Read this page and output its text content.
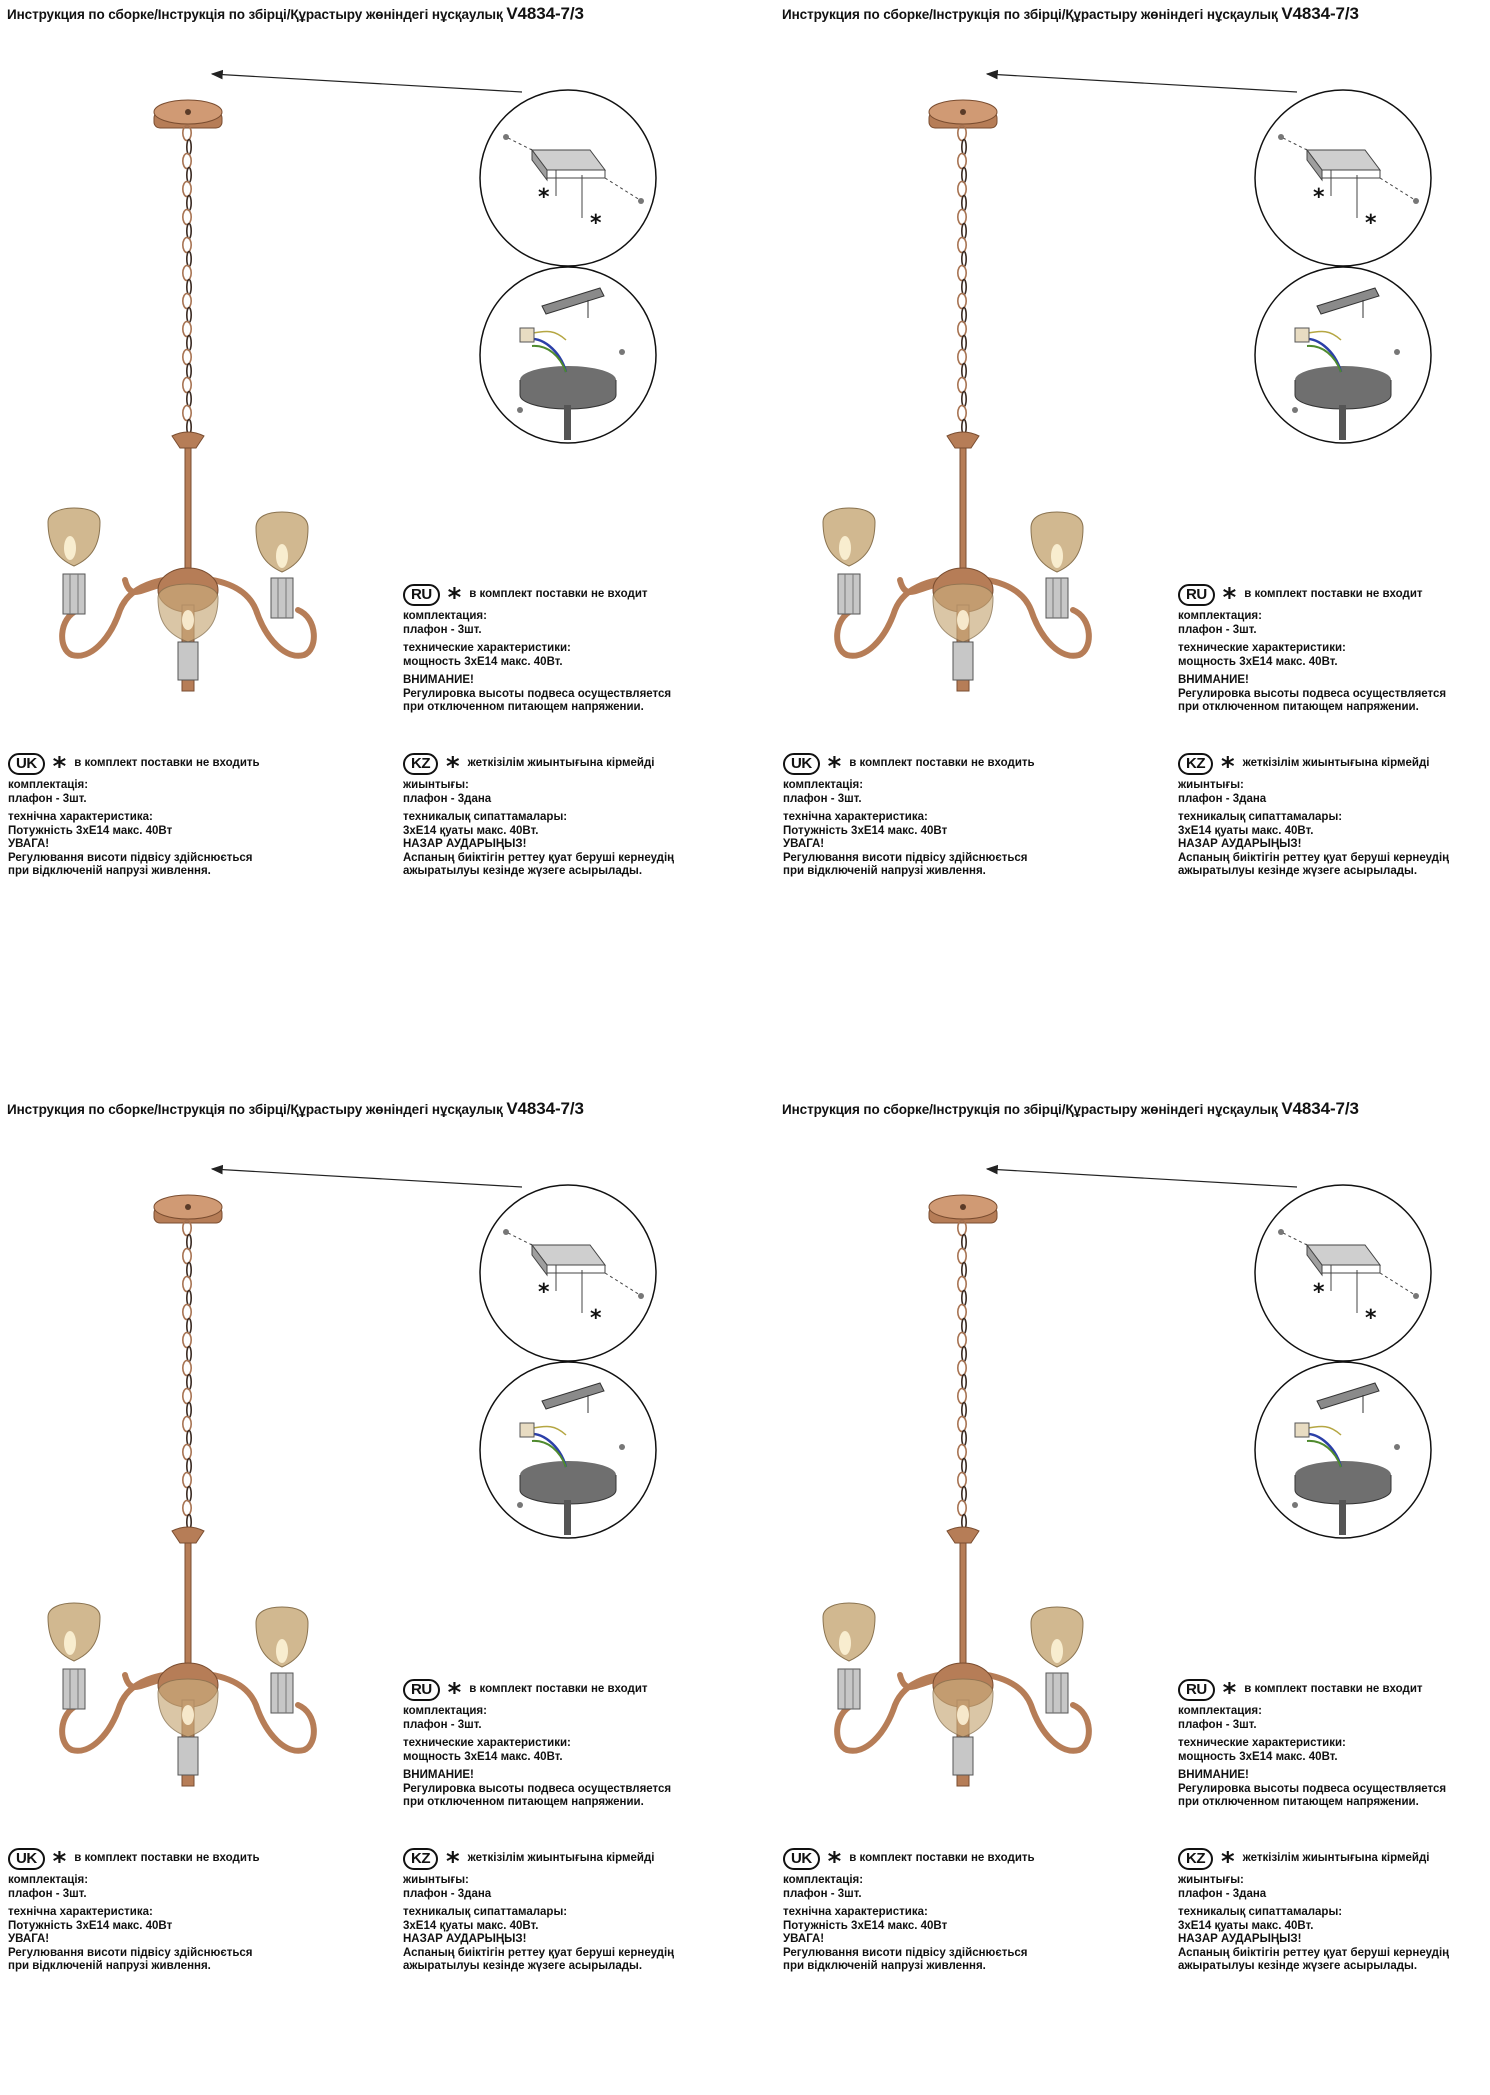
Инструкция по сборке/Інструкція по збірці/Құрастыру жөніндегі нұсқаулық V4834-7/3
*
*
RU * в комплект поставки не входит
комплектация:
плафон - 3шт.
технические характеристики:
мощность 3хЕ14 макс. 40Вт.
ВНИМАНИЕ!
Регулировка высоты подвеса осуществляется
при отключенном питающем напряжении.
UK * в комплект поставки не входить
комплектація:
плафон - 3шт.
технічна характеристика:
Потужність 3хЕ14 макс. 40Вт
УВАГА!
Регулювання висоти підвісу здійснюється
при відключеній напрузі живлення.
KZ * жеткізілім жиынтығына кірмейді
жиынтығы:
плафон - 3дана
техникалық сипаттамалары:
3хЕ14 қуаты макс. 40Вт.
НАЗАР АУДАРЫҢЫЗ!
Аспаның биіктігін реттеу қуат беруші кернеудің
ажыратылуы кезінде жүзеге асырылады.
Инструкция по сборке/Інструкція по збірці/Құрастыру жөніндегі нұсқаулық V4834-7/3
*
*
RU * в комплект поставки не входит
комплектация:
плафон - 3шт.
технические характеристики:
мощность 3хЕ14 макс. 40Вт.
ВНИМАНИЕ!
Регулировка высоты подвеса осуществляется
при отключенном питающем напряжении.
UK * в комплект поставки не входить
комплектація:
плафон - 3шт.
технічна характеристика:
Потужність 3хЕ14 макс. 40Вт
УВАГА!
Регулювання висоти підвісу здійснюється
при відключеній напрузі живлення.
KZ * жеткізілім жиынтығына кірмейді
жиынтығы:
плафон - 3дана
техникалық сипаттамалары:
3хЕ14 қуаты макс. 40Вт.
НАЗАР АУДАРЫҢЫЗ!
Аспаның биіктігін реттеу қуат беруші кернеудің
ажыратылуы кезінде жүзеге асырылады.
Инструкция по сборке/Інструкція по збірці/Құрастыру жөніндегі нұсқаулық V4834-7/3
*
*
RU * в комплект поставки не входит
комплектация:
плафон - 3шт.
технические характеристики:
мощность 3хЕ14 макс. 40Вт.
ВНИМАНИЕ!
Регулировка высоты подвеса осуществляется
при отключенном питающем напряжении.
UK * в комплект поставки не входить
комплектація:
плафон - 3шт.
технічна характеристика:
Потужність 3хЕ14 макс. 40Вт
УВАГА!
Регулювання висоти підвісу здійснюється
при відключеній напрузі живлення.
KZ * жеткізілім жиынтығына кірмейді
жиынтығы:
плафон - 3дана
техникалық сипаттамалары:
3хЕ14 қуаты макс. 40Вт.
НАЗАР АУДАРЫҢЫЗ!
Аспаның биіктігін реттеу қуат беруші кернеудің
ажыратылуы кезінде жүзеге асырылады.
Инструкция по сборке/Інструкція по збірці/Құрастыру жөніндегі нұсқаулық V4834-7/3
*
*
RU * в комплект поставки не входит
комплектация:
плафон - 3шт.
технические характеристики:
мощность 3хЕ14 макс. 40Вт.
ВНИМАНИЕ!
Регулировка высоты подвеса осуществляется
при отключенном питающем напряжении.
UK * в комплект поставки не входить
комплектація:
плафон - 3шт.
технічна характеристика:
Потужність 3хЕ14 макс. 40Вт
УВАГА!
Регулювання висоти підвісу здійснюється
при відключеній напрузі живлення.
KZ * жеткізілім жиынтығына кірмейді
жиынтығы:
плафон - 3дана
техникалық сипаттамалары:
3хЕ14 қуаты макс. 40Вт.
НАЗАР АУДАРЫҢЫЗ!
Аспаның биіктігін реттеу қуат беруші кернеудің
ажыратылуы кезінде жүзеге асырылады.
